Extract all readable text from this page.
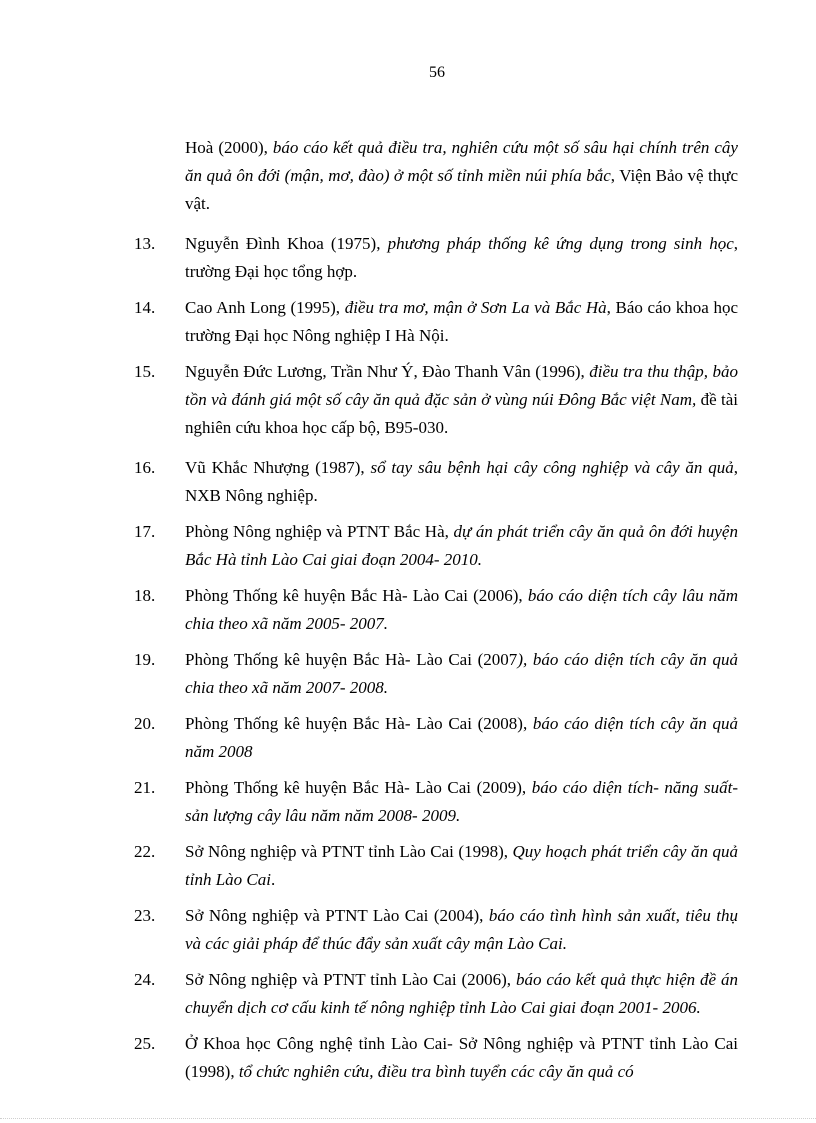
56
Hoà (2000), báo cáo kết quả điều tra, nghiên cứu một số sâu hại chính trên cây ăn quả ôn đới (mận, mơ, đào) ở một số tỉnh miền núi phía bắc, Viện Bảo vệ thực vật.
13. Nguyễn Đình Khoa (1975), phương pháp thống kê ứng dụng trong sinh học, trường Đại học tổng hợp.
14. Cao Anh Long (1995), điều tra mơ, mận ở Sơn La và Bắc Hà, Báo cáo khoa học trường Đại học Nông nghiệp I Hà Nội.
15. Nguyễn Đức Lương, Trần Như Ý, Đào Thanh Vân (1996), điều tra thu thập, bảo tồn và đánh giá một số cây ăn quả đặc sản ở vùng núi Đông Bắc việt Nam, đề tài nghiên cứu khoa học cấp bộ, B95-030.
16. Vũ Khắc Nhượng (1987), sổ tay sâu bệnh hại cây công nghiệp và cây ăn quả, NXB Nông nghiệp.
17. Phòng Nông nghiệp và PTNT Bắc Hà, dự án phát triển cây ăn quả ôn đới huyện Bắc Hà tỉnh Lào Cai giai đoạn 2004- 2010.
18. Phòng Thống kê huyện Bắc Hà- Lào Cai (2006), báo cáo diện tích cây lâu năm chia theo xã năm 2005- 2007.
19. Phòng Thống kê huyện Bắc Hà- Lào Cai (2007), báo cáo diện tích cây ăn quả chia theo xã năm 2007- 2008.
20. Phòng Thống kê huyện Bắc Hà- Lào Cai (2008), báo cáo diện tích cây ăn quả năm 2008
21. Phòng Thống kê huyện Bắc Hà- Lào Cai (2009), báo cáo diện tích- năng suất- sản lượng cây lâu năm năm 2008- 2009.
22. Sở Nông nghiệp và PTNT tỉnh Lào Cai (1998), Quy hoạch phát triển cây ăn quả tỉnh Lào Cai.
23. Sở Nông nghiệp và PTNT Lào Cai (2004), báo cáo tình hình sản xuất, tiêu thụ và các giải pháp để thúc đẩy sản xuất cây mận Lào Cai.
24. Sở Nông nghiệp và PTNT tỉnh Lào Cai (2006), báo cáo kết quả thực hiện đề án chuyển dịch cơ cấu kinh tế nông nghiệp tỉnh Lào Cai giai đoạn 2001- 2006.
25. Ở Khoa học Công nghệ tỉnh Lào Cai- Sở Nông nghiệp và PTNT tỉnh Lào Cai (1998), tổ chức nghiên cứu, điều tra bình tuyển các cây ăn quả có
